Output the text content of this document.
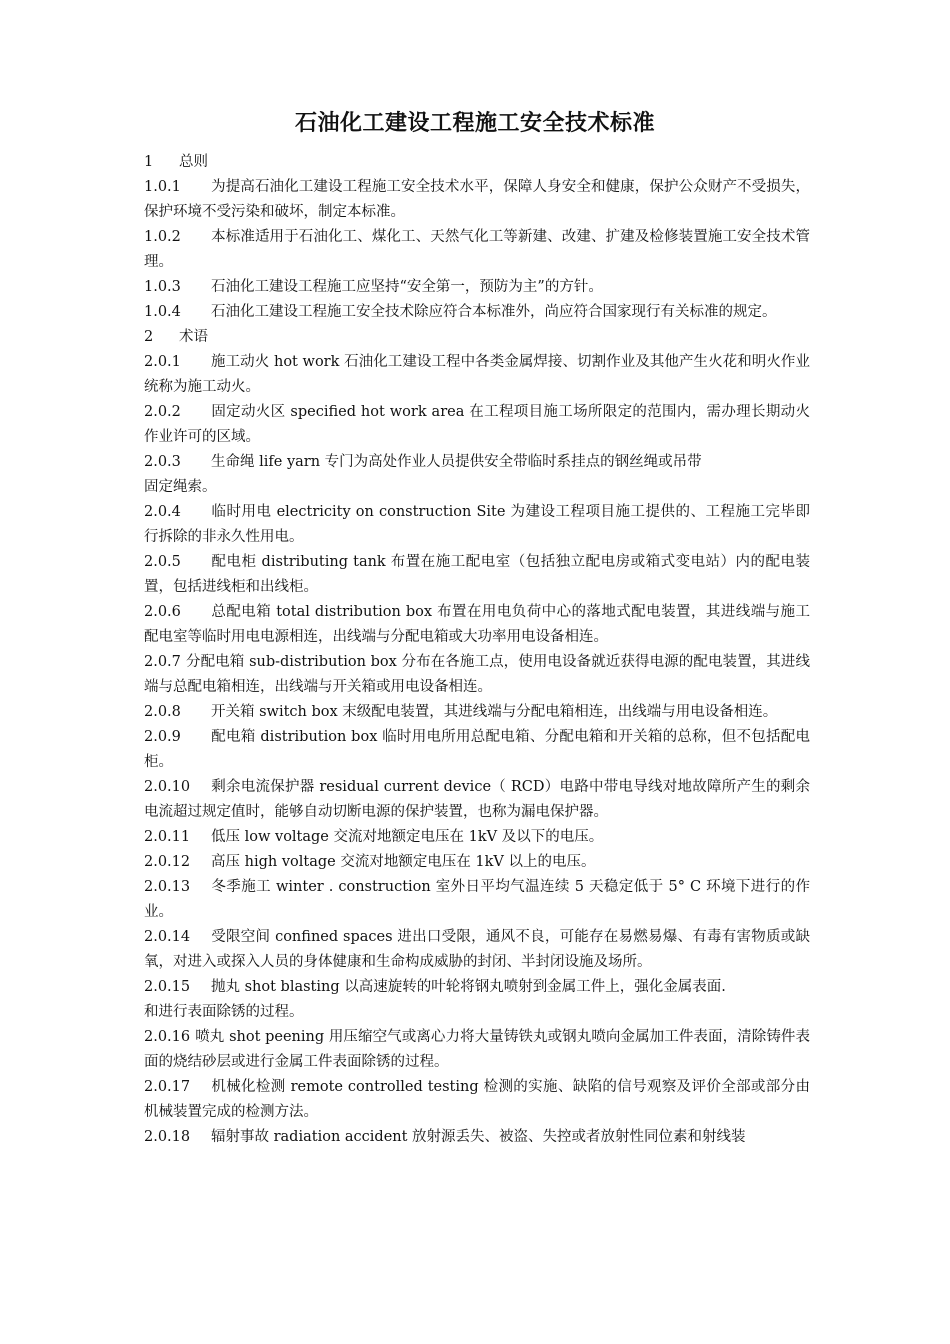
石油化工建设工程施工安全技术标准

1 总则

1.0.1 为提高石油化工建设工程施工安全技术水平，保障人身安全和健康，保护公众财产不受损失，保护环境不受污染和破坏，制定本标准。

1.0.2 本标准适用于石油化工、煤化工、天然气化工等新建、改建、扩建及检修装置施工安全技术管理。

1.0.3 石油化工建设工程施工应坚持“安全第一，预防为主”的方针。

1.0.4 石油化工建设工程施工安全技术除应符合本标准外，尚应符合国家现行有关标准的规定。

2 术语

2.0.1 施工动火 hot work 石油化工建设工程中各类金属焊接、切割作业及其他产生火花和明火作业统称为施工动火。

2.0.2 固定动火区 specified hot work area 在工程项目施工场所限定的范围内，需办理长期动火作业许可的区域。

2.0.3 生命绳 life yarn 专门为高处作业人员提供安全带临时系挂点的钢丝绳或吊带
固定绳索。

2.0.4 临时用电 electricity on construction Site 为建设工程项目施工提供的、工程施工完毕即行拆除的非永久性用电。

2.0.5 配电柜 distributing tank 布置在施工配电室（包括独立配电房或箱式变电站）内的配电装置，包括进线柜和出线柜。

2.0.6 总配电箱 total distribution box 布置在用电负荷中心的落地式配电装置，其进线端与施工配电室等临时用电电源相连，出线端与分配电箱或大功率用电设备相连。

2.0.7 分配电箱 sub-distribution box 分布在各施工点，使用电设备就近获得电源的配电装置，其进线端与总配电箱相连，出线端与开关箱或用电设备相连。

2.0.8 开关箱 switch box 末级配电装置，其进线端与分配电箱相连，出线端与用电设备相连。

2.0.9 配电箱 distribution box 临时用电所用总配电箱、分配电箱和开关箱的总称，但不包括配电柜。

2.0.10 剩余电流保护器 residual current device（ RCD）电路中带电导线对地故障所产生的剩余电流超过规定值时，能够自动切断电源的保护装置，也称为漏电保护器。

2.0.11 低压 low voltage 交流对地额定电压在 1kV 及以下的电压。

2.0.12 高压 high voltage 交流对地额定电压在 1kV 以上的电压。

2.0.13 冬季施工 winter . construction 室外日平均气温连续 5 天稳定低于 5° C 环境下进行的作业。

2.0.14 受限空间 confined spaces 进出口受限，通风不良，可能存在易燃易爆、有毒有害物质或缺氧，对进入或探入人员的身体健康和生命构成威胁的封闭、半封闭设施及场所。

2.0.15 抛丸 shot blasting 以高速旋转的叶轮将钢丸喷射到金属工件上，强化金属表面.
和进行表面除锈的过程。

2.0.16 喷丸 shot peening 用压缩空气或离心力将大量铸铁丸或钢丸喷向金属加工件表面，清除铸件表面的烧结砂层或进行金属工件表面除锈的过程。

2.0.17 机械化检测 remote controlled testing 检测的实施、缺陷的信号观察及评价全部或部分由机械装置完成的检测方法。

2.0.18 辐射事故 radiation accident 放射源丢失、被盗、失控或者放射性同位素和射线装
